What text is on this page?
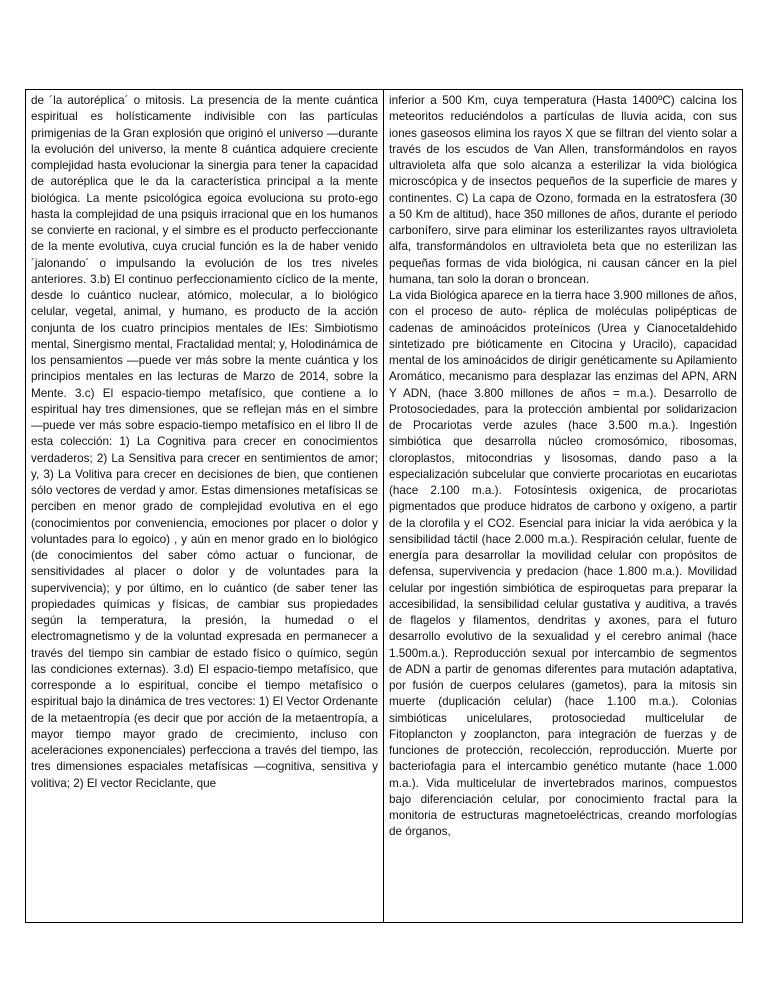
de ´la autoréplica´ o mitosis. La presencia de la mente cuántica espiritual es holísticamente indivisible con las partículas primigenias de la Gran explosión que originó el universo —durante la evolución del universo, la mente 8 cuántica adquiere creciente complejidad hasta evolucionar la sinergia para tener la capacidad de autoréplica que le da la característica principal a la mente biológica. La mente psicológica egoica evoluciona su proto-ego hasta la complejidad de una psiquis irracional que en los humanos se convierte en racional, y el simbre es el producto perfeccionante de la mente evolutiva, cuya crucial función es la de haber venido ´jalonando´ o impulsando la evolución de los tres niveles anteriores. 3.b) El continuo perfeccionamiento cíclico de la mente, desde lo cuántico nuclear, atómico, molecular, a lo biológico celular, vegetal, animal, y humano, es producto de la acción conjunta de los cuatro principios mentales de IEs: Simbiotismo mental, Sinergismo mental, Fractalidad mental; y, Holodinámica de los pensamientos —puede ver más sobre la mente cuántica y los principios mentales en las lecturas de Marzo de 2014, sobre la Mente. 3.c) El espacio-tiempo metafísico, que contiene a lo espiritual hay tres dimensiones, que se reflejan más en el simbre —puede ver más sobre espacio-tiempo metafísico en el libro II de esta colección: 1) La Cognitiva para crecer en conocimientos verdaderos; 2) La Sensitiva para crecer en sentimientos de amor; y, 3) La Volitiva para crecer en decisiones de bien, que contienen sólo vectores de verdad y amor. Estas dimensiones metafísicas se perciben en menor grado de complejidad evolutiva en el ego (conocimientos por conveniencia, emociones por placer o dolor y voluntades para lo egoico) , y aún en menor grado en lo biológico (de conocimientos del saber cómo actuar o funcionar, de sensitividades al placer o dolor y de voluntades para la supervivencia); y por último, en lo cuántico (de saber tener las propiedades químicas y físicas, de cambiar sus propiedades según la temperatura, la presión, la humedad o el electromagnetismo y de la voluntad expresada en permanecer a través del tiempo sin cambiar de estado físico o químico, según las condiciones externas). 3.d) El espacio-tiempo metafísico, que corresponde a lo espiritual, concibe el tiempo metafísico o espiritual bajo la dinámica de tres vectores: 1) El Vector Ordenante de la metaentropía (es decir que por acción de la metaentropía, a mayor tiempo mayor grado de crecimiento, incluso con aceleraciones exponenciales) perfecciona a través del tiempo, las tres dimensiones espaciales metafísicas —cognitiva, sensitiva y volitiva; 2) El vector Reciclante, que

inferior a 500 Km, cuya temperatura (Hasta 1400ºC) calcina los meteoritos reduciéndolos a partículas de lluvia acida, con sus iones gaseosos elimina los rayos X que se filtran del viento solar a través de los escudos de Van Allen, transformándolos en rayos ultravioleta alfa que solo alcanza a esterilizar la vida biológica microscópica y de insectos pequeños de la superficie de mares y continentes. C) La capa de Ozono, formada en la estratosfera (30 a 50 Km de altitud), hace 350 millones de años, durante el periodo carbonífero, sirve para eliminar los esterilizantes rayos ultravioleta alfa, transformándolos en ultravioleta beta que no esterilizan las pequeñas formas de vida biológica, ni causan cáncer en la piel humana, tan solo la doran o broncean.

La vida Biológica aparece en la tierra hace 3.900 millones de años, con el proceso de auto- réplica de moléculas polipépticas de cadenas de aminoácidos proteínicos (Urea y Cianocetaldehido sintetizado pre bióticamente en Citocina y Uracilo), capacidad mental de los aminoácidos de dirigir genéticamente su Apilamiento Aromático, mecanismo para desplazar las enzimas del APN, ARN Y ADN, (hace 3.800 millones de años = m.a.). Desarrollo de Protosociedades, para la protección ambiental por solidarizacion de Procariotas verde azules (hace 3.500 m.a.). Ingestión simbiótica que desarrolla núcleo cromosómico, ribosomas, cloroplastos, mitocondrias y lisosomas, dando paso a la especialización subcelular que convierte procariotas en eucariotas (hace 2.100 m.a.). Fotosíntesis oxigenica, de procariotas pigmentados que produce hidratos de carbono y oxígeno, a partir de la clorofila y el CO2. Esencial para iniciar la vida aeróbica y la sensibilidad táctil (hace 2.000 m.a.). Respiración celular, fuente de energía para desarrollar la movilidad celular con propósitos de defensa, supervivencia y predacion (hace 1.800 m.a.). Movilidad celular por ingestión simbiótica de espiroquetas para preparar la accesibilidad, la sensibilidad celular gustativa y auditiva, a través de flagelos y filamentos, dendritas y axones, para el futuro desarrollo evolutivo de la sexualidad y el cerebro animal (hace 1.500m.a.). Reproducción sexual por intercambio de segmentos de ADN a partir de genomas diferentes para mutación adaptativa, por fusión de cuerpos celulares (gametos), para la mitosis sin muerte (duplicación celular) (hace 1.100 m.a.). Colonias simbióticas unicelulares, protosociedad multicelular de Fitoplancton y zooplancton, para integración de fuerzas y de funciones de protección, recolección, reproducción. Muerte por bacteriofagia para el intercambio genético mutante (hace 1.000 m.a.). Vida multicelular de invertebrados marinos, compuestos bajo diferenciación celular, por conocimiento fractal para la monitoria de estructuras magnetoeléctricas, creando morfologías de órganos,
